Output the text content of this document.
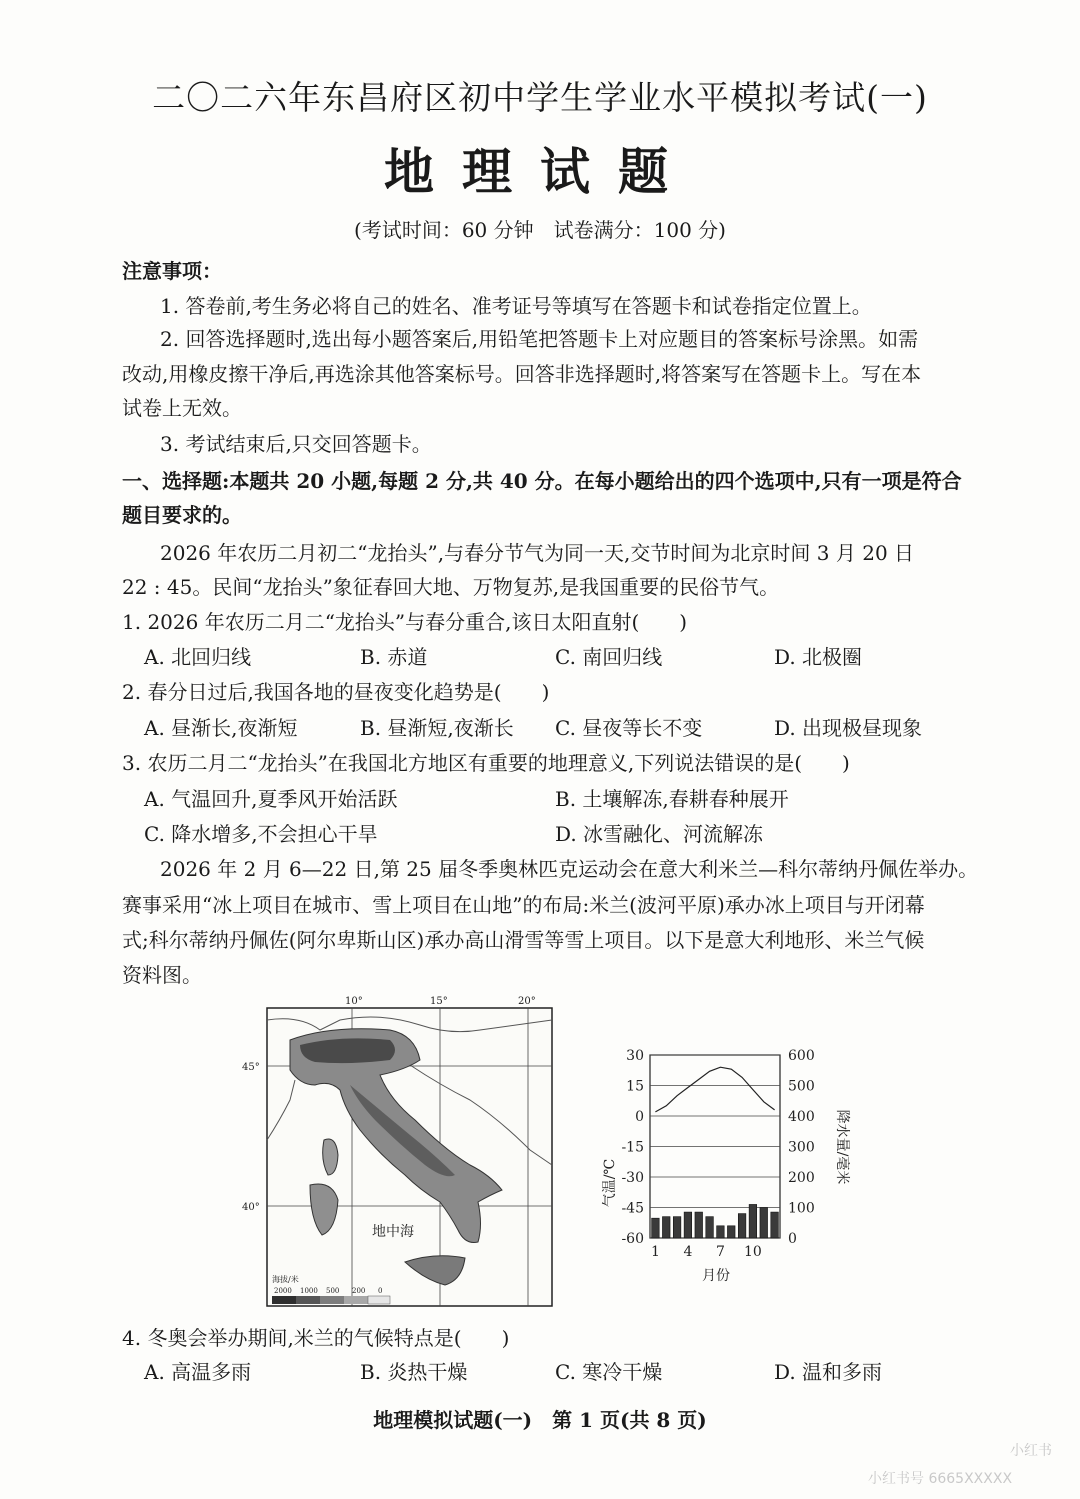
二〇二六年东昌府区初中学生学业水平模拟考试(一)
地理试题
(考试时间：60 分钟　试卷满分：100 分)
注意事项：
1. 答卷前,考生务必将自己的姓名、准考证号等填写在答题卡和试卷指定位置上。
2. 回答选择题时,选出每小题答案后,用铅笔把答题卡上对应题目的答案标号涂黑。如需
改动,用橡皮擦干净后,再选涂其他答案标号。回答非选择题时,将答案写在答题卡上。写在本
试卷上无效。
3. 考试结束后,只交回答题卡。
一、选择题:本题共 20 小题,每题 2 分,共 40 分。在每小题给出的四个选项中,只有一项是符合
题目要求的。
2026 年农历二月初二“龙抬头”,与春分节气为同一天,交节时间为北京时间 3 月 20 日
22 : 45。民间“龙抬头”象征春回大地、万物复苏,是我国重要的民俗节气。
1. 2026 年农历二月二“龙抬头”与春分重合,该日太阳直射(　　)
A. 北回归线	B. 赤道	C. 南回归线	D. 北极圈
2. 春分日过后,我国各地的昼夜变化趋势是(　　)
A. 昼渐长,夜渐短	B. 昼渐短,夜渐长 C. 昼夜等长不变	D. 出现极昼现象
3. 农历二月二“龙抬头”在我国北方地区有重要的地理意义,下列说法错误的是(　　)
A. 气温回升,夏季风开始活跃	B. 土壤解冻,春耕春种展开
C. 降水增多,不会担心干旱	D. 冰雪融化、河流解冻
2026 年 2 月 6—22 日,第 25 届冬季奥林匹克运动会在意大利米兰—科尔蒂纳丹佩佐举办。
赛事采用“冰上项目在城市、雪上项目在山地”的布局:米兰(波河平原)承办冰上项目与开闭幕
式;科尔蒂纳丹佩佐(阿尔卑斯山区)承办高山滑雪等雪上项目。以下是意大利地形、米兰气候
资料图。
10°	15°	20°
45°
40°
地中海
海拔/米
2000 1000 500 200 0
30
15
0
-15
-30
-45
-60
600
500
400
300
200
100
0
1 4 7 10
气温/℃	降水量/毫米
月份
4. 冬奥会举办期间,米兰的气候特点是(　　)
A. 高温多雨	B. 炎热干燥	C. 寒冷干燥	D. 温和多雨
地理模拟试题(一)　第 1 页(共 8 页)
小红书
小红书号 6665XXXXX
